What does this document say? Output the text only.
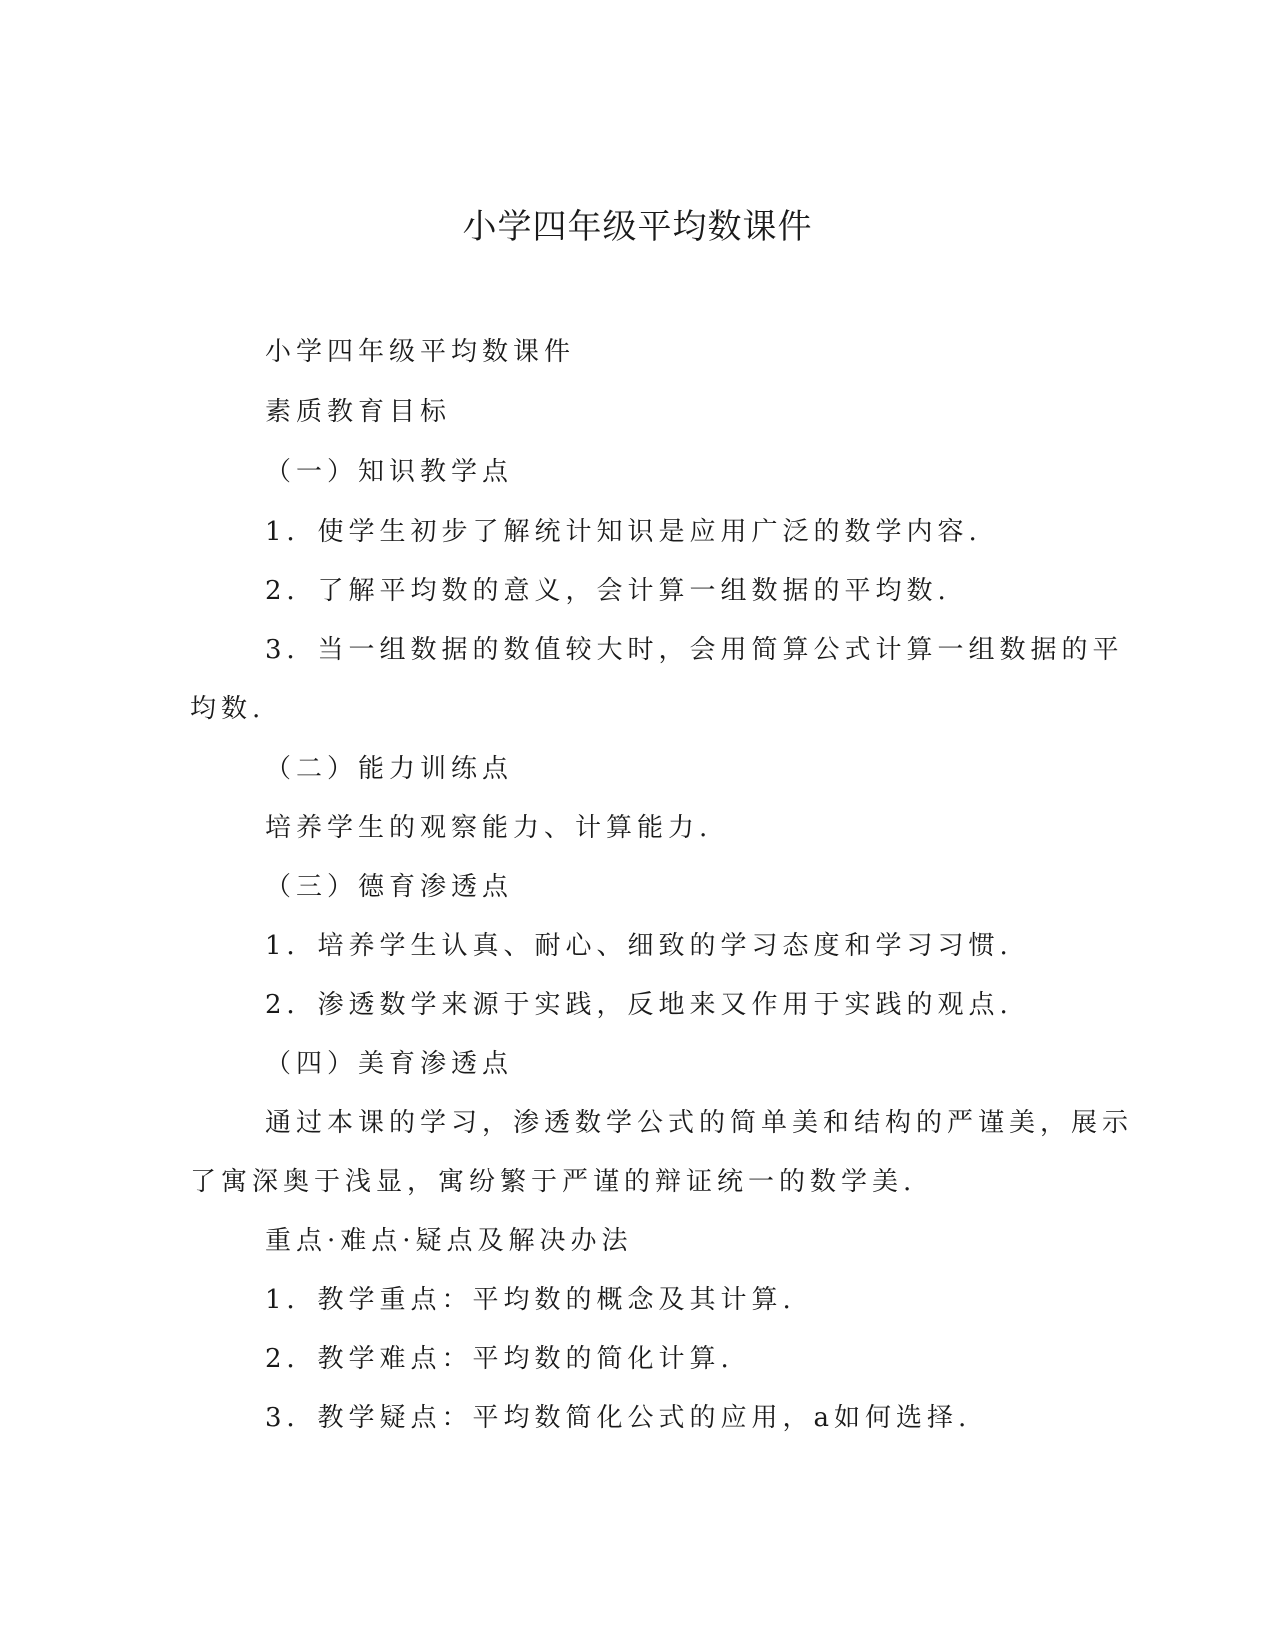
小学四年级平均数课件

小学四年级平均数课件

素质教育目标

（一）知识教学点

1．使学生初步了解统计知识是应用广泛的数学内容.

2．了解平均数的意义，会计算一组数据的平均数.

3．当一组数据的数值较大时，会用简算公式计算一组数据的平

均数.

（二）能力训练点

培养学生的观察能力、计算能力.

（三）德育渗透点

1．培养学生认真、耐心、细致的学习态度和学习习惯.

2．渗透数学来源于实践，反地来又作用于实践的观点.

（四）美育渗透点

通过本课的学习，渗透数学公式的简单美和结构的严谨美，展示

了寓深奥于浅显，寓纷繁于严谨的辩证统一的数学美.

重点·难点·疑点及解决办法

1．教学重点：平均数的概念及其计算.

2．教学难点：平均数的简化计算.

3．教学疑点：平均数简化公式的应用，a如何选择.
